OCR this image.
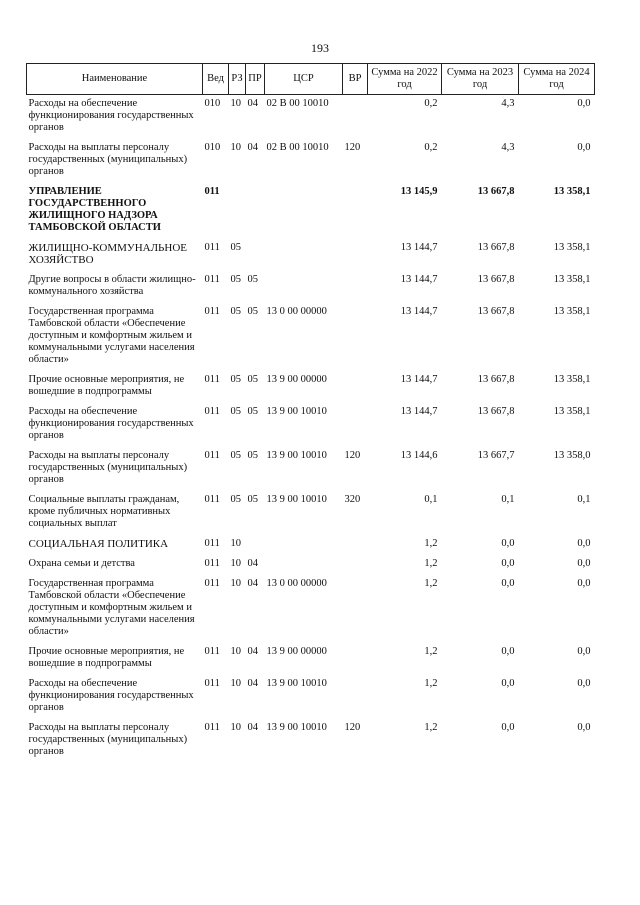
193
Наименование	Вед	РЗ	ПР	ЦСР	ВР	Сумма на 2022 год	Сумма на 2023 год	Сумма на 2024 год
Расходы на обеспечение функционирования государственных органов	010	10	04	02 В 00 10010		0,2	4,3	0,0
Расходы на выплаты персоналу государственных (муниципальных) органов	010	10	04	02 В 00 10010	120	0,2	4,3	0,0
УПРАВЛЕНИЕ ГОСУДАРСТВЕННОГО ЖИЛИЩНОГО НАДЗОРА ТАМБОВСКОЙ ОБЛАСТИ	011					13 145,9	13 667,8	13 358,1
ЖИЛИЩНО-КОММУНАЛЬНОЕ ХОЗЯЙСТВО	011	05				13 144,7	13 667,8	13 358,1
Другие вопросы в области жилищно-коммунального хозяйства	011	05	05			13 144,7	13 667,8	13 358,1
Государственная программа Тамбовской области «Обеспечение доступным и комфортным жильем и коммунальными услугами населения области»	011	05	05	13 0 00 00000		13 144,7	13 667,8	13 358,1
Прочие основные мероприятия, не вошедшие в подпрограммы	011	05	05	13 9 00 00000		13 144,7	13 667,8	13 358,1
Расходы на обеспечение функционирования государственных органов	011	05	05	13 9 00 10010		13 144,7	13 667,8	13 358,1
Расходы на выплаты персоналу государственных (муниципальных) органов	011	05	05	13 9 00 10010	120	13 144,6	13 667,7	13 358,0
Социальные выплаты гражданам, кроме публичных нормативных социальных выплат	011	05	05	13 9 00 10010	320	0,1	0,1	0,1
СОЦИАЛЬНАЯ ПОЛИТИКА	011	10				1,2	0,0	0,0
Охрана семьи и детства	011	10	04			1,2	0,0	0,0
Государственная программа Тамбовской области «Обеспечение доступным и комфортным жильем и коммунальными услугами населения области»	011	10	04	13 0 00 00000		1,2	0,0	0,0
Прочие основные мероприятия, не вошедшие в подпрограммы	011	10	04	13 9 00 00000		1,2	0,0	0,0
Расходы на обеспечение функционирования государственных органов	011	10	04	13 9 00 10010		1,2	0,0	0,0
Расходы на выплаты персоналу государственных (муниципальных) органов	011	10	04	13 9 00 10010	120	1,2	0,0	0,0
